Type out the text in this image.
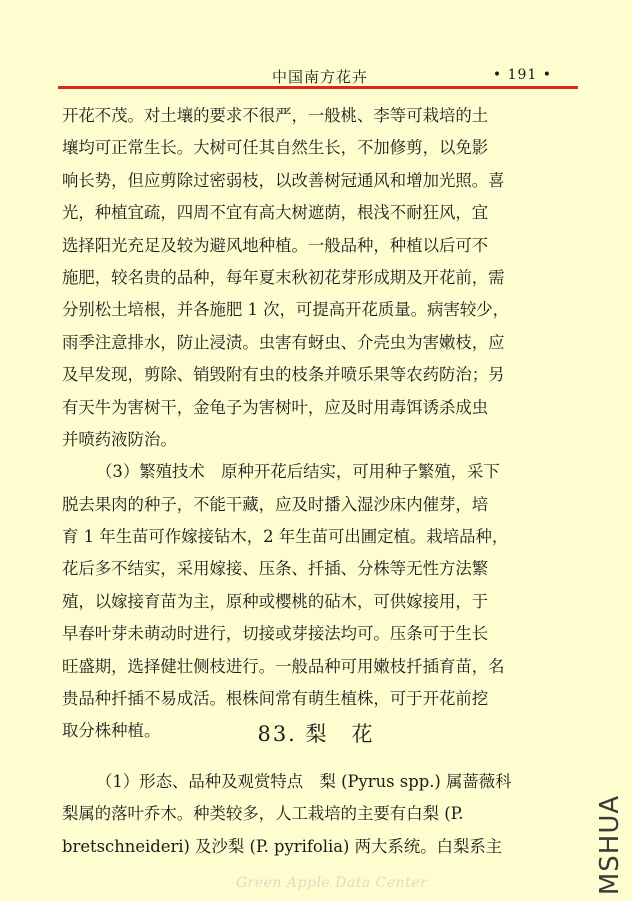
中国南方花卉	• 191 •
开花不茂。对土壤的要求不很严，一般桃、李等可栽培的土
壤均可正常生长。大树可任其自然生长，不加修剪，以免影
响长势，但应剪除过密弱枝，以改善树冠通风和增加光照。喜
光，种植宜疏，四周不宜有高大树遮荫，根浅不耐狂风，宜
选择阳光充足及较为避风地种植。一般品种，种植以后可不
施肥，较名贵的品种，每年夏末秋初花芽形成期及开花前，需
分别松土培根，并各施肥 1 次，可提高开花质量。病害较少，
雨季注意排水，防止浸渍。虫害有蚜虫、介壳虫为害嫩枝，应
及早发现，剪除、销毁附有虫的枝条并喷乐果等农药防治；另
有天牛为害树干，金龟子为害树叶，应及时用毒饵诱杀成虫
并喷药液防治。
（3）繁殖技术　原种开花后结实，可用种子繁殖，采下
脱去果肉的种子，不能干藏，应及时播入湿沙床内催芽，培
育 1 年生苗可作嫁接钻木，2 年生苗可出圃定植。栽培品种，
花后多不结实，采用嫁接、压条、扦插、分株等无性方法繁
殖，以嫁接育苗为主，原种或樱桃的砧木，可供嫁接用，于
早春叶芽未萌动时进行，切接或芽接法均可。压条可于生长
旺盛期，选择健壮侧枝进行。一般品种可用嫩枝扦插育苗，名
贵品种扦插不易成活。根株间常有萌生植株，可于开花前挖
取分株种植。	83. 梨　花
（1）形态、品种及观赏特点　梨 (Pyrus spp.) 属蔷薇科
梨属的落叶乔木。种类较多，人工栽培的主要有白梨 (P.
bretschneideri) 及沙梨 (P. pyrifolia) 两大系统。白梨系主
Green Apple Data Center	MSHUA
